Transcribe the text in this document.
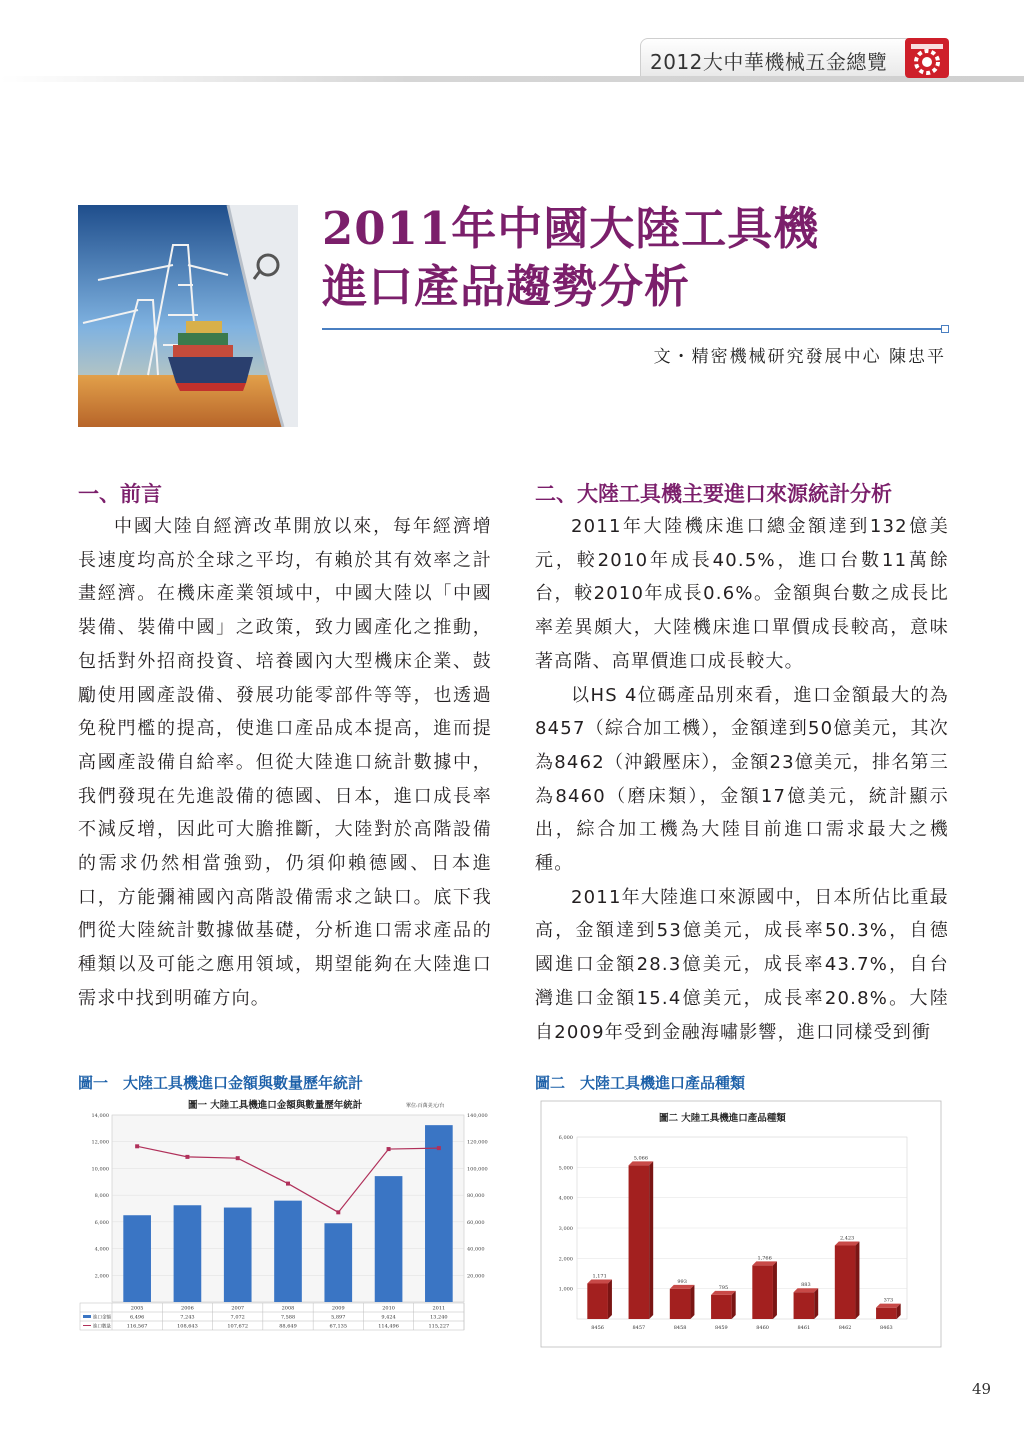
2012大中華機械五金總覽
2011年中國大陸工具機
進口產品趨勢分析
文・精密機械研究發展中心 陳忠平
一、前言

中國大陸自經濟改革開放以來，每年經濟增長速度均高於全球之平均，有賴於其有效率之計畫經濟。在機床產業領域中，中國大陸以「中國裝備、裝備中國」之政策，致力國產化之推動，包括對外招商投資、培養國內大型機床企業、鼓勵使用國產設備、發展功能零部件等等，也透過免稅門檻的提高，使進口產品成本提高，進而提高國產設備自給率。但從大陸進口統計數據中，我們發現在先進設備的德國、日本，進口成長率不減反增，因此可大膽推斷，大陸對於高階設備的需求仍然相當強勁，仍須仰賴德國、日本進口，方能彌補國內高階設備需求之缺口。底下我們從大陸統計數據做基礎，分析進口需求產品的種類以及可能之應用領域，期望能夠在大陸進口需求中找到明確方向。

二、大陸工具機主要進口來源統計分析

2011年大陸機床進口總金額達到132億美元，較2010年成長40.5%，進口台數11萬餘台，較2010年成長0.6%。金額與台數之成長比率差異頗大，大陸機床進口單價成長較高，意味著高階、高單價進口成長較大。

以HS 4位碼產品別來看，進口金額最大的為8457（綜合加工機），金額達到50億美元，其次為8462（沖鍛壓床），金額23億美元，排名第三為8460（磨床類），金額17億美元，統計顯示出，綜合加工機為大陸目前進口需求最大之機種。

2011年大陸進口來源國中，日本所佔比重最高，金額達到53億美元，成長率50.3%，自德國進口金額28.3億美元，成長率43.7%，自台灣進口金額15.4億美元，成長率20.8%。大陸自2009年受到金融海嘯影響，進口同樣受到衝

圖一　大陸工具機進口金額與數量歷年統計	圖二　大陸工具機進口產品種類
圖一 大陸工具機進口金額與數量歷年統計	單位:百萬美元/台
14,000
12,000
10,000
8,000
6,000
4,000
2,000
140,000
120,000
100,000
80,000
60,000
40,000
20,000
2005
6,496
116,567
2006
7,243
108,643
2007
7,072
107,672
2008
7,588
88,649
2009
5,897
67,135
2010
9,424
114,496
2011
13,240
115,227
進口金額
進口數量
圖二 大陸工具機進口產品種類
6,000
5,000
4,000
3,000
2,000
1,000
1,171
8456
5,066
8457
993
8458
795
8459
1,766
8460
883
8461
2,423
8462
373
8463
49
